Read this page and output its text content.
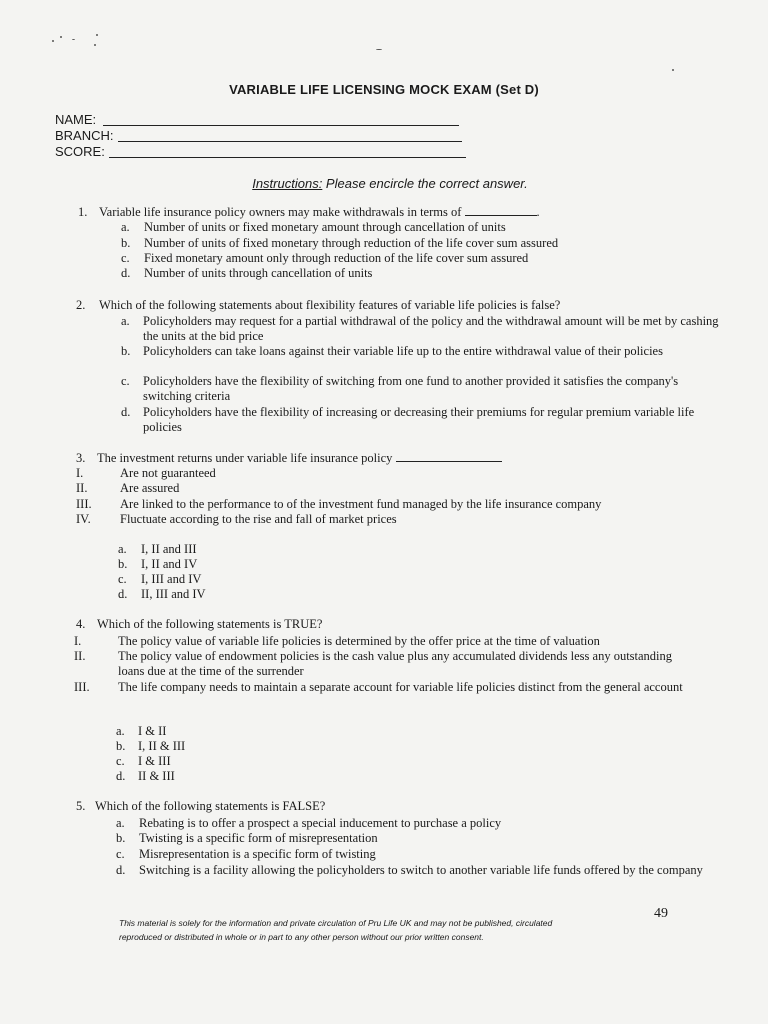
VARIABLE LIFE LICENSING MOCK EXAM (Set D)
NAME:
BRANCH:
SCORE:
Instructions: Please encircle the correct answer.
1. Variable life insurance policy owners may make withdrawals in terms of	.
a. Number of units or fixed monetary amount through cancellation of units
b. Number of units of fixed monetary through reduction of the life cover sum assured
c. Fixed monetary amount only through reduction of the life cover sum assured
d. Number of units through cancellation of units
2. Which of the following statements about flexibility features of variable life policies is false?
a. Policyholders may request for a partial withdrawal of the policy and the withdrawal amount will be met by cashing the units at the bid price
b. Policyholders can take loans against their variable life up to the entire withdrawal value of their policies
c. Policyholders have the flexibility of switching from one fund to another provided it satisfies the company's switching criteria
d. Policyholders have the flexibility of increasing or decreasing their premiums for regular premium variable life policies
3. The investment returns under variable life insurance policy
I.	Are not guaranteed
II.	Are assured
III. Are linked to the performance to of the investment fund managed by the life insurance company
IV. Fluctuate according to the rise and fall of market prices
a. I, II and III
b. I, II and IV
c. I, III and IV
d. II, III and IV
4. Which of the following statements is TRUE?
I.	The policy value of variable life policies is determined by the offer price at the time of valuation
II.	The policy value of endowment policies is the cash value plus any accumulated dividends less any outstanding loans due at the time of the surrender
III. The life company needs to maintain a separate account for variable life policies distinct from the general account
a. I & II
b. I, II & III
c. I & III
d. II & III
5. Which of the following statements is FALSE?
a. Rebating is to offer a prospect a special inducement to purchase a policy
b. Twisting is a specific form of misrepresentation
c. Misrepresentation is a specific form of twisting
d. Switching is a facility allowing the policyholders to switch to another variable life funds offered by the company
This material is solely for the information and private circulation of Pru Life UK and may not be published, circulated
reproduced or distributed in whole or in part to any other person without our prior written consent.
49
